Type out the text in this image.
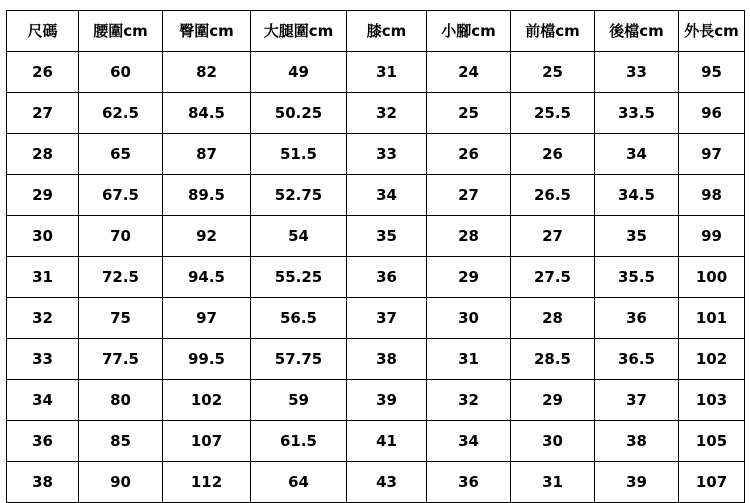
尺碼	腰圍cm	臀圍cm	大腿圍cm	膝cm	小腳cm	前檔cm	後檔cm	外長cm
26	60	82	49	31	24	25	33	95
27	62.5	84.5	50.25	32	25	25.5	33.5	96
28	65	87	51.5	33	26	26	34	97
29	67.5	89.5	52.75	34	27	26.5	34.5	98
30	70	92	54	35	28	27	35	99
31	72.5	94.5	55.25	36	29	27.5	35.5	100
32	75	97	56.5	37	30	28	36	101
33	77.5	99.5	57.75	38	31	28.5	36.5	102
34	80	102	59	39	32	29	37	103
36	85	107	61.5	41	34	30	38	105
38	90	112	64	43	36	31	39	107
